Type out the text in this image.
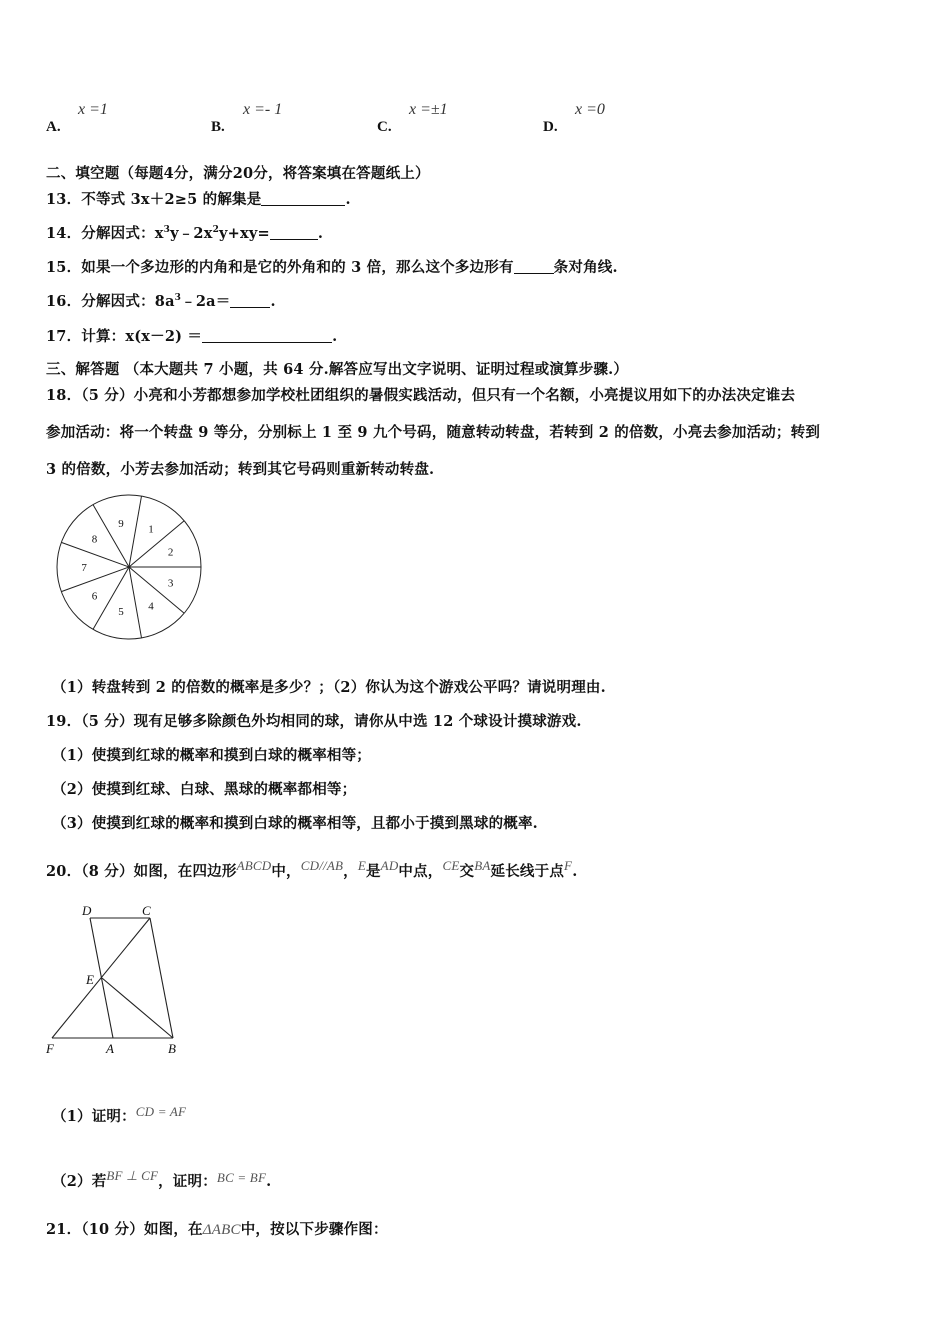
A.
x =1
B.
x =- 1
C.
x =±1
D.
x =0
二、填空题（每题4分，满分20分，将答案填在答题纸上）
13．不等式 3x＋2≥5 的解集是	.
14．分解因式：$x^3y﹣2x^2y+xy=$	.
15．如果一个多边形的内角和是它的外角和的 3 倍，那么这个多边形有	条对角线.
16．分解因式：$8a^3﹣2a=$	.
17．计算：x(x－2) ＝	.
三、解答题 （本大题共 7 小题，共 64 分.解答应写出文字说明、证明过程或演算步骤.）
18．（5 分）小亮和小芳都想参加学校杜团组织的暑假实践活动，但只有一个名额，小亮提议用如下的办法决定谁去
参加活动：将一个转盘 9 等分，分别标上 1 至 9 九个号码，随意转动转盘，若转到 2 的倍数，小亮去参加活动；转到
3 的倍数，小芳去参加活动；转到其它号码则重新转动转盘.
1
2
3
4
5
6
7
8
9
（1）转盘转到 2 的倍数的概率是多少？；（2）你认为这个游戏公平吗？请说明理由.
19．（5 分）现有足够多除颜色外均相同的球，请你从中选 12 个球设计摸球游戏.
（1）使摸到红球的概率和摸到白球的概率相等；
（2）使摸到红球、白球、黑球的概率都相等；
（3）使摸到红球的概率和摸到白球的概率相等，且都小于摸到黑球的概率.
20．（8 分）如图，在四边形ABCD中，CD//AB，E是AD中点，CE交BA延长线于点F.
D	C
E
F	A	B
（1）证明：CD = AF
（2）若BF ⊥ CF，证明：BC = BF.
21．（10 分）如图，在ΔABC中，按以下步骤作图：
